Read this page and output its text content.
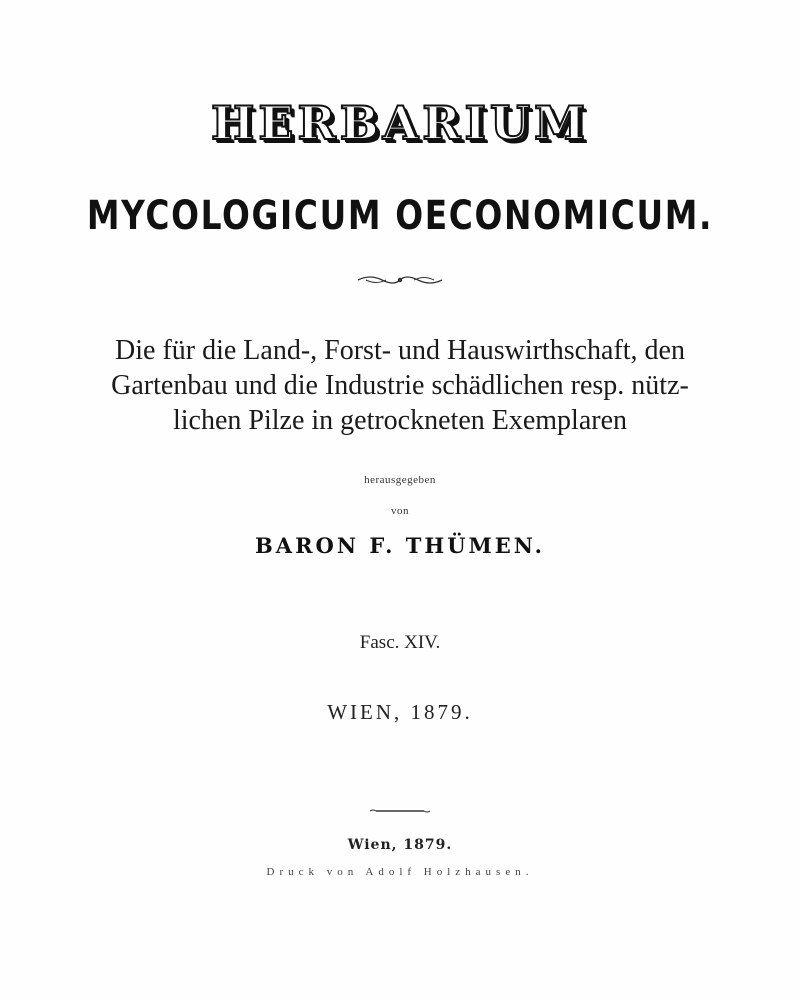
HERBARIUM
MYCOLOGICUM OECONOMICUM.
Die für die Land-, Forst- und Hauswirthschaft, den
Gartenbau und die Industrie schädlichen resp. nütz-
lichen Pilze in getrockneten Exemplaren
herausgegeben
von
BARON F. THÜMEN.
Fasc. XIV.
WIEN, 1879.
Wien, 1879.
Druck von Adolf Holzhausen.
